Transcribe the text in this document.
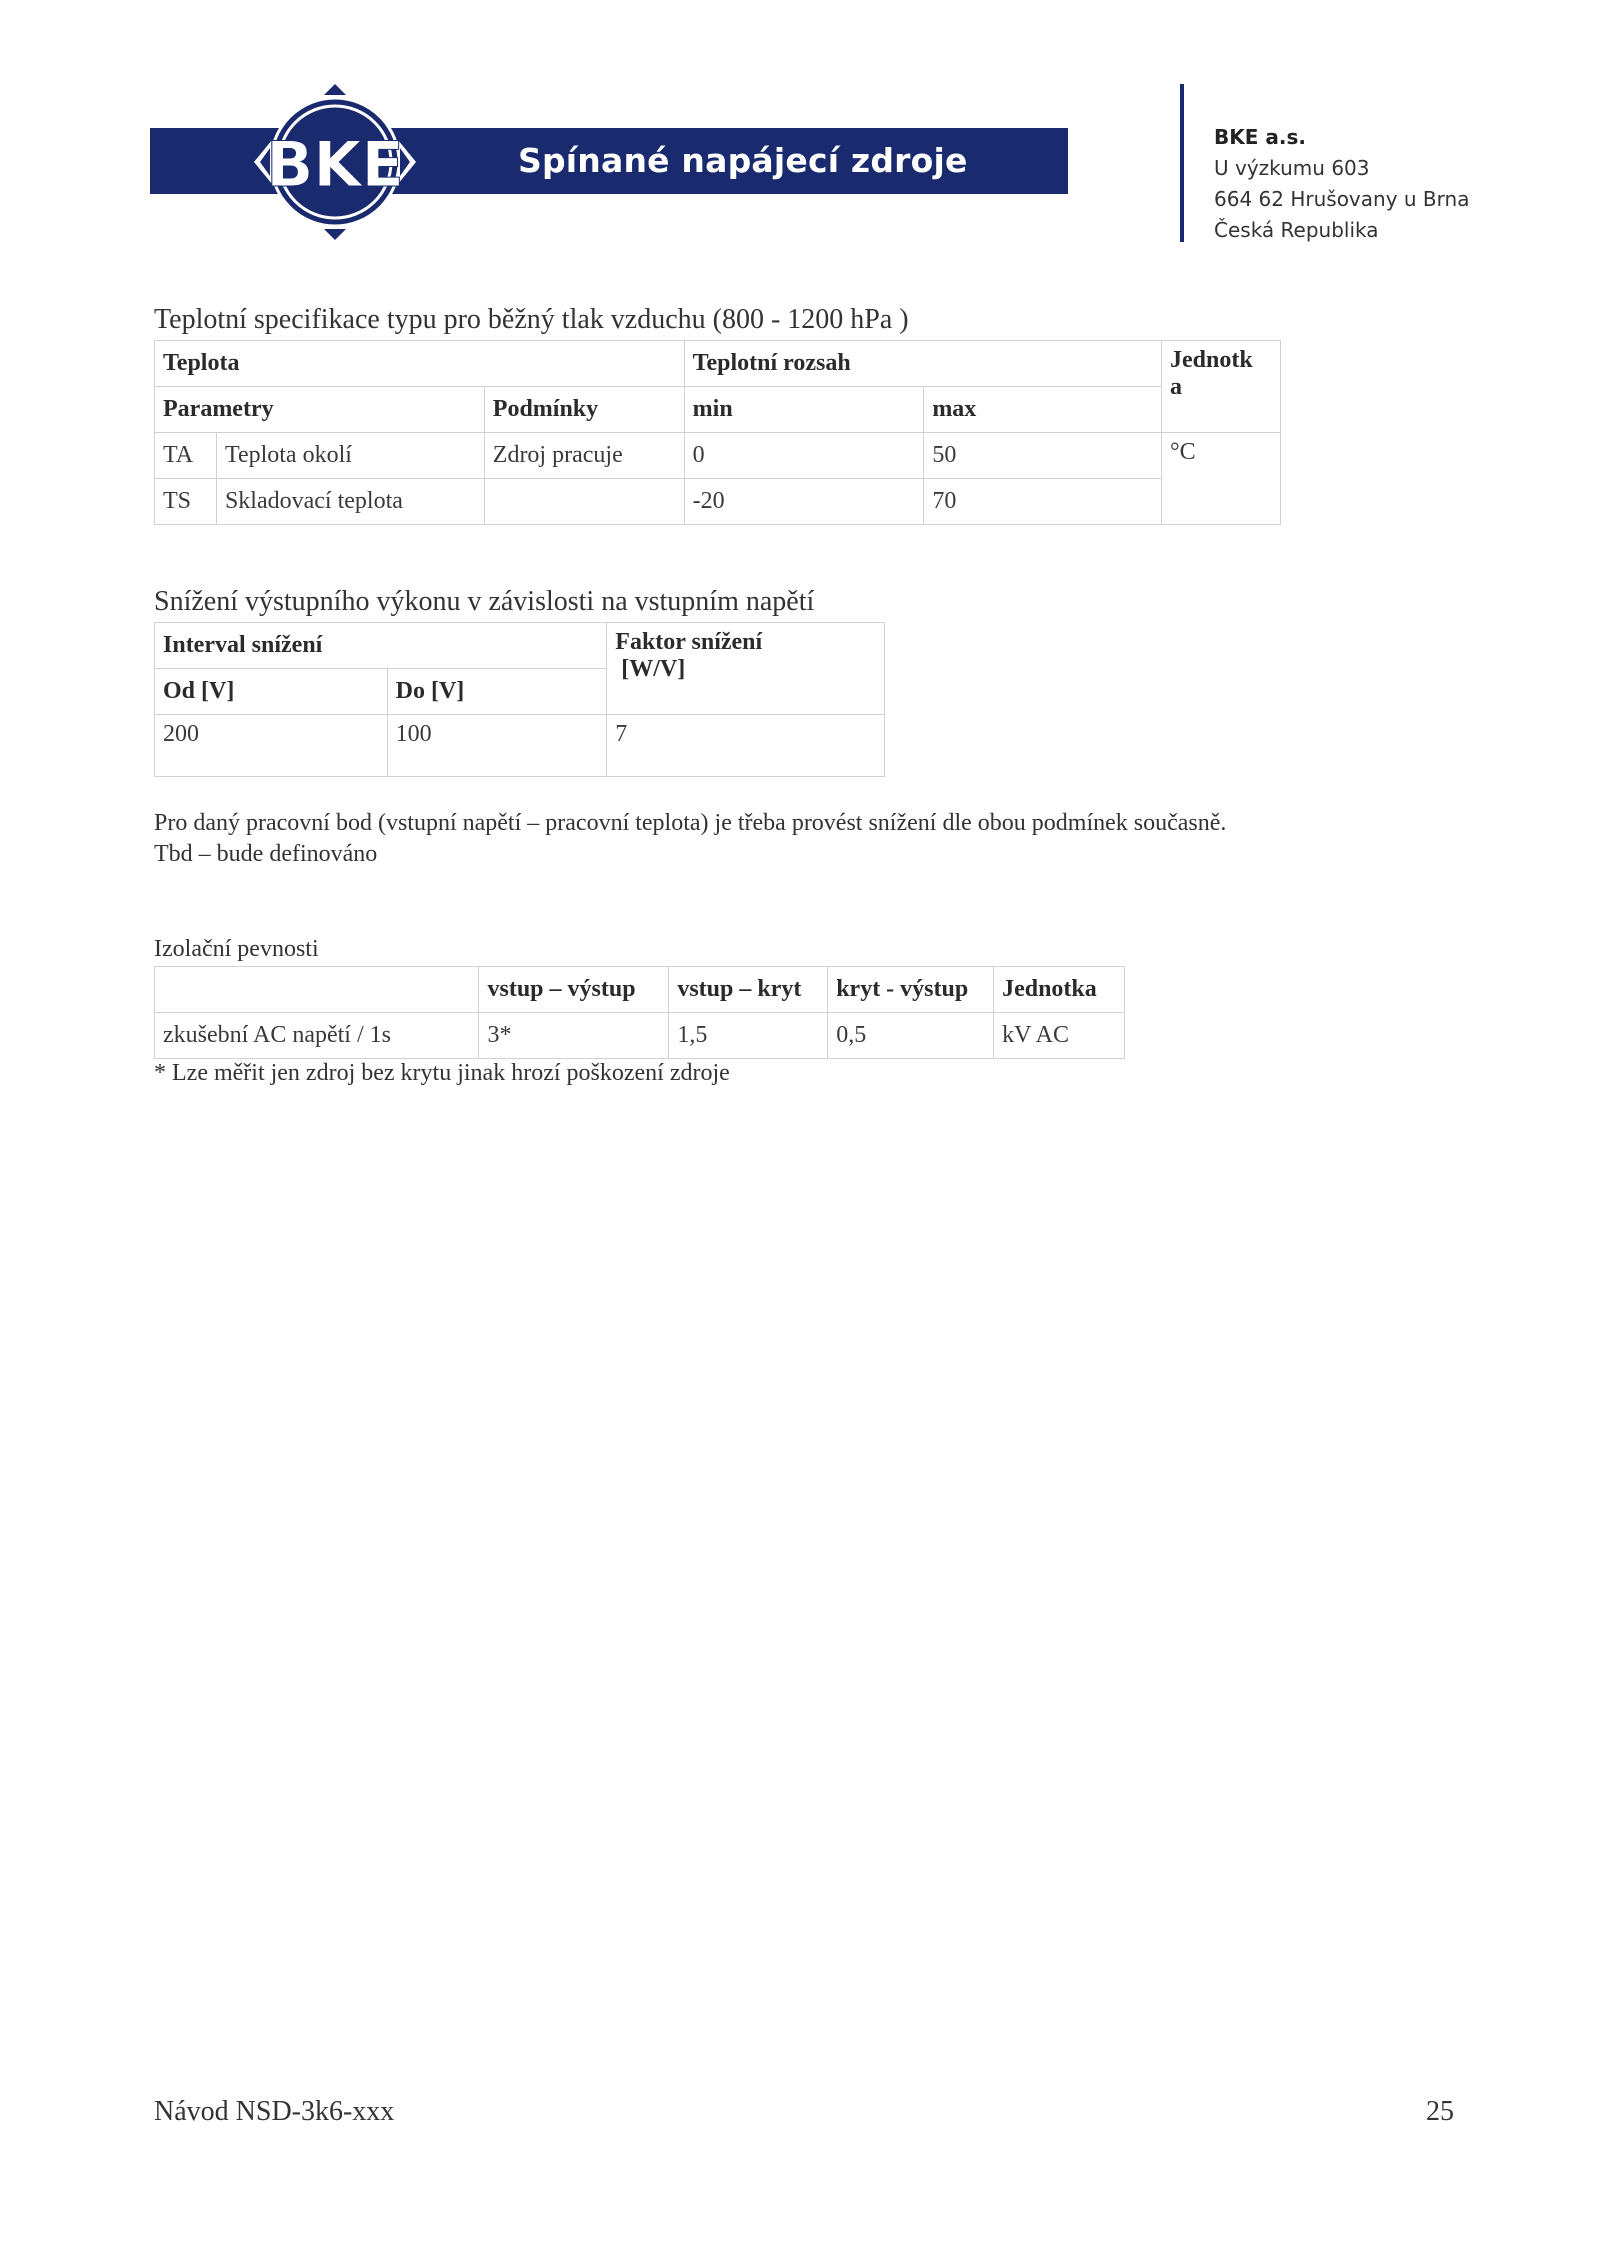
BKE	Spínané napájecí zdroje
BKE a.s.
U výzkumu 603
664 62 Hrušovany u Brna
Česká Republika
Teplotní specifikace typu pro běžný tlak vzduchu (800 - 1200 hPa )
Teplota			Teplotní rozsah		Jednotk
a

Parametry		Podmínky	min	max	
TA	Teplota okolí	Zdroj pracuje	0	50	°C

TS	Skladovací teplota		-20	70	
Snížení výstupního výkonu v závislosti na vstupním napětí
Interval snížení		Faktor snížení
[W/V]

Od [V]	Do [V]	

200	100	7
Pro daný pracovní bod (vstupní napětí – pracovní teplota) je třeba provést snížení dle obou podmínek současně.
Tbd – bude definováno
Izolační pevnosti
	vstup – výstup	vstup – kryt	kryt - výstup	Jednotka
zkušební AC napětí / 1s	3*	1,5	0,5	kV AC
* Lze měřit jen zdroj bez krytu jinak hrozí poškození zdroje
Návod NSD-3k6-xxx	25
